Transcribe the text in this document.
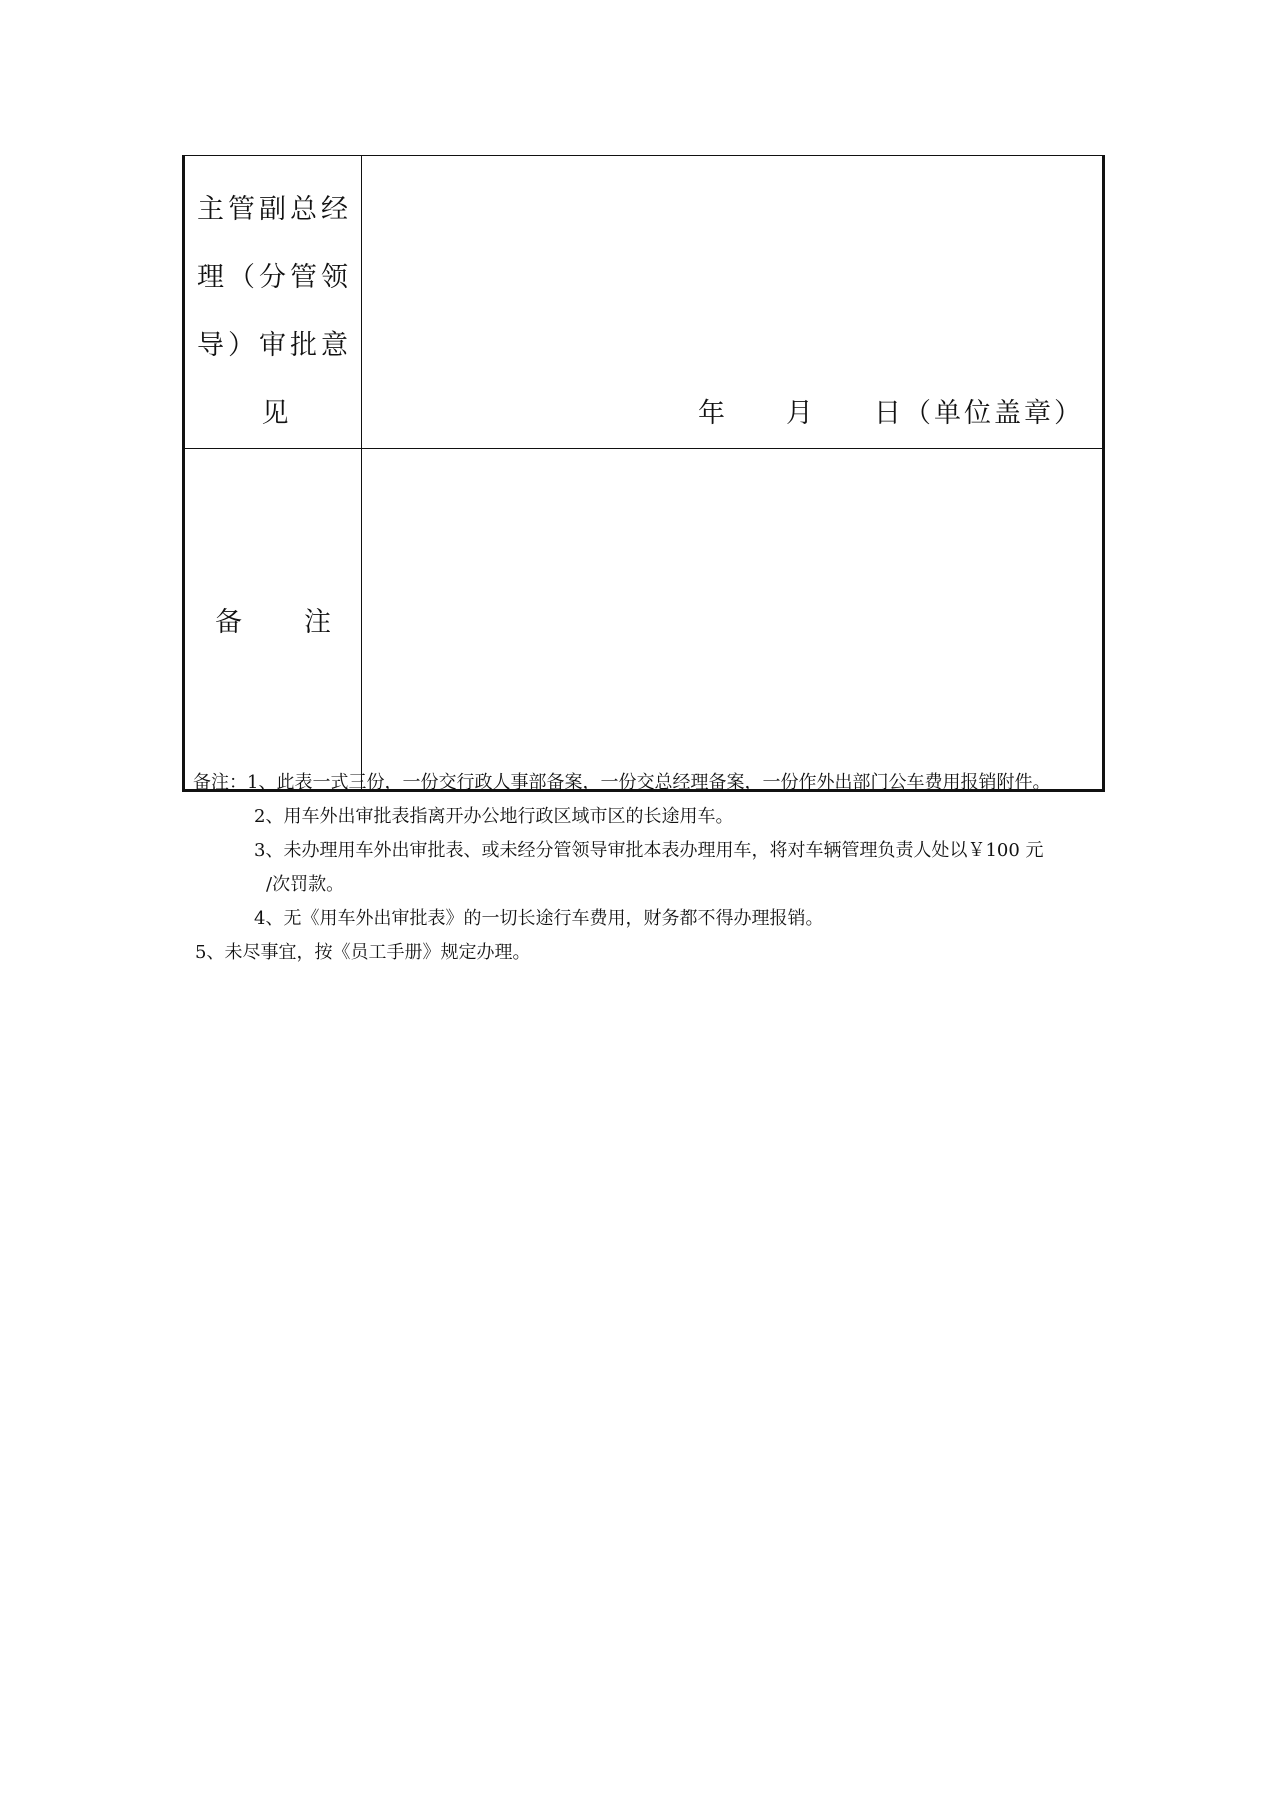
主管副总经
理（分管领
导）审批意
见	年 月 日（单位盖章）

备 注	
备注：1、此表一式三份，一份交行政人事部备案，一份交总经理备案，一份作外出部门公车费用报销附件。
2、用车外出审批表指离开办公地行政区域市区的长途用车。
3、未办理用车外出审批表、或未经分管领导审批本表办理用车，将对车辆管理负责人处以￥100 元
/次罚款。
4、无《用车外出审批表》的一切长途行车费用，财务都不得办理报销。
5、未尽事宜，按《员工手册》规定办理。
